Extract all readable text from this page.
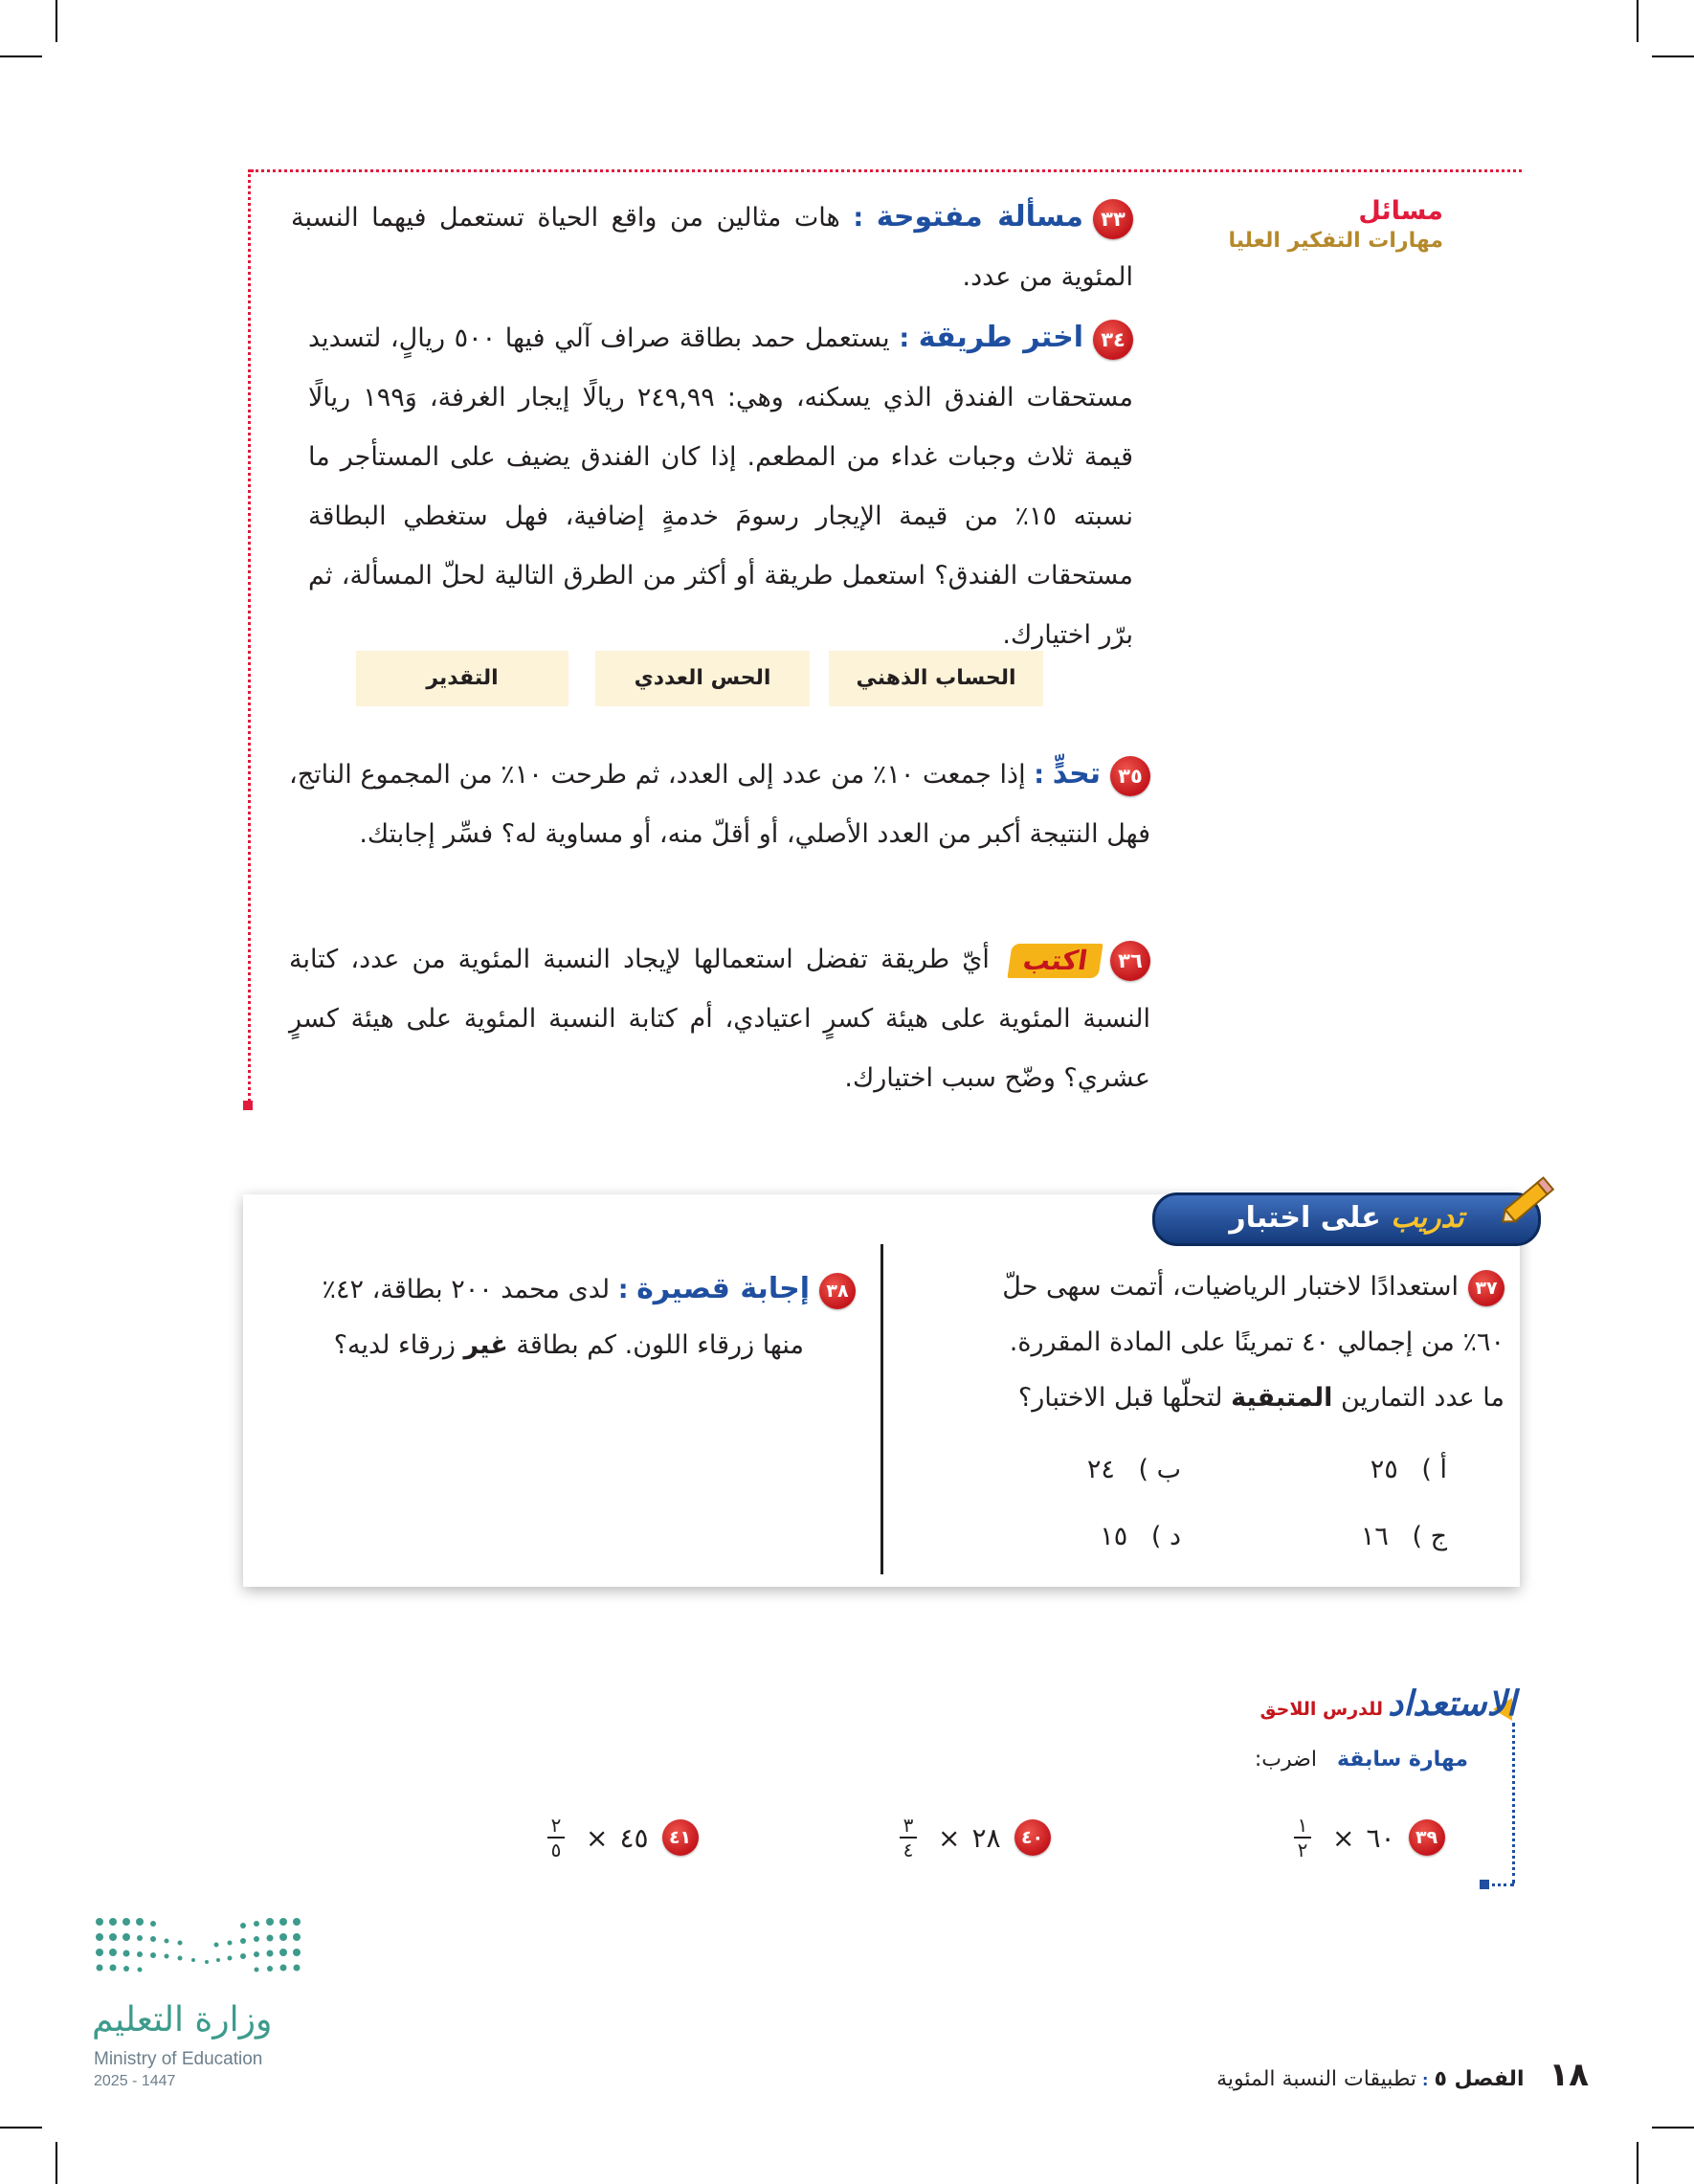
مسائل
مهارات التفكير العليا
٣٣مسألة مفتوحة : هات مثالين من واقع الحياة تستعمل فيهما النسبة المئوية من عدد.
٣٤اختر طريقة : يستعمل حمد بطاقة صراف آلي فيها ٥٠٠ ريالٍ، لتسديد مستحقات الفندق الذي يسكنه، وهي: ٢٤٩,٩٩ ريالًا إيجار الغرفة، وَ١٩٩ ريالًا قيمة ثلاث وجبات غداء من المطعم. إذا كان الفندق يضيف على المستأجر ما نسبته ١٥٪ من قيمة الإيجار رسومَ خدمةٍ إضافية، فهل ستغطي البطاقة مستحقات الفندق؟ استعمل طريقة أو أكثر من الطرق التالية لحلّ المسألة، ثم برّر اختيارك.
الحساب الذهني
الحس العددي
التقدير
٣٥تحدٍّ : إذا جمعت ١٠٪ من عدد إلى العدد، ثم طرحت ١٠٪ من المجموع الناتج، فهل النتيجة أكبر من العدد الأصلي، أو أقلّ منه، أو مساوية له؟ فسِّر إجابتك.
٣٦اكتب أيّ طريقة تفضل استعمالها لإيجاد النسبة المئوية من عدد، كتابة النسبة المئوية على هيئة كسرٍ اعتيادي، أم كتابة النسبة المئوية على هيئة كسرٍ عشري؟ وضّح سبب اختيارك.
تدريب على اختبار
٣٧استعدادًا لاختبار الرياضيات، أتمت سهى حلّ
٦٠٪ من إجمالي ٤٠ تمرينًا على المادة المقررة.
ما عدد التمارين المتبقية لتحلّها قبل الاختبار؟
أ ) ٢٥
ب ) ٢٤
ج ) ١٦
د ) ١٥
٣٨إجابة قصيرة : لدى محمد ٢٠٠ بطاقة، ٤٢٪
منها زرقاء اللون. كم بطاقة غير زرقاء لديه؟
الاستعداد للدرس اللاحق
مهارة سابقة اضرب:
$\frac{١}{٢}$ × ٦٠	٣٩
$\frac{٣}{٤}$ × ٢٨	٤٠
$\frac{٢}{٥}$ × ٤٥	٤١
وزارة التعليم
Ministry of Education
2025 - 1447	١٨
الفصل ٥
:
تطبيقات النسبة المئوية
